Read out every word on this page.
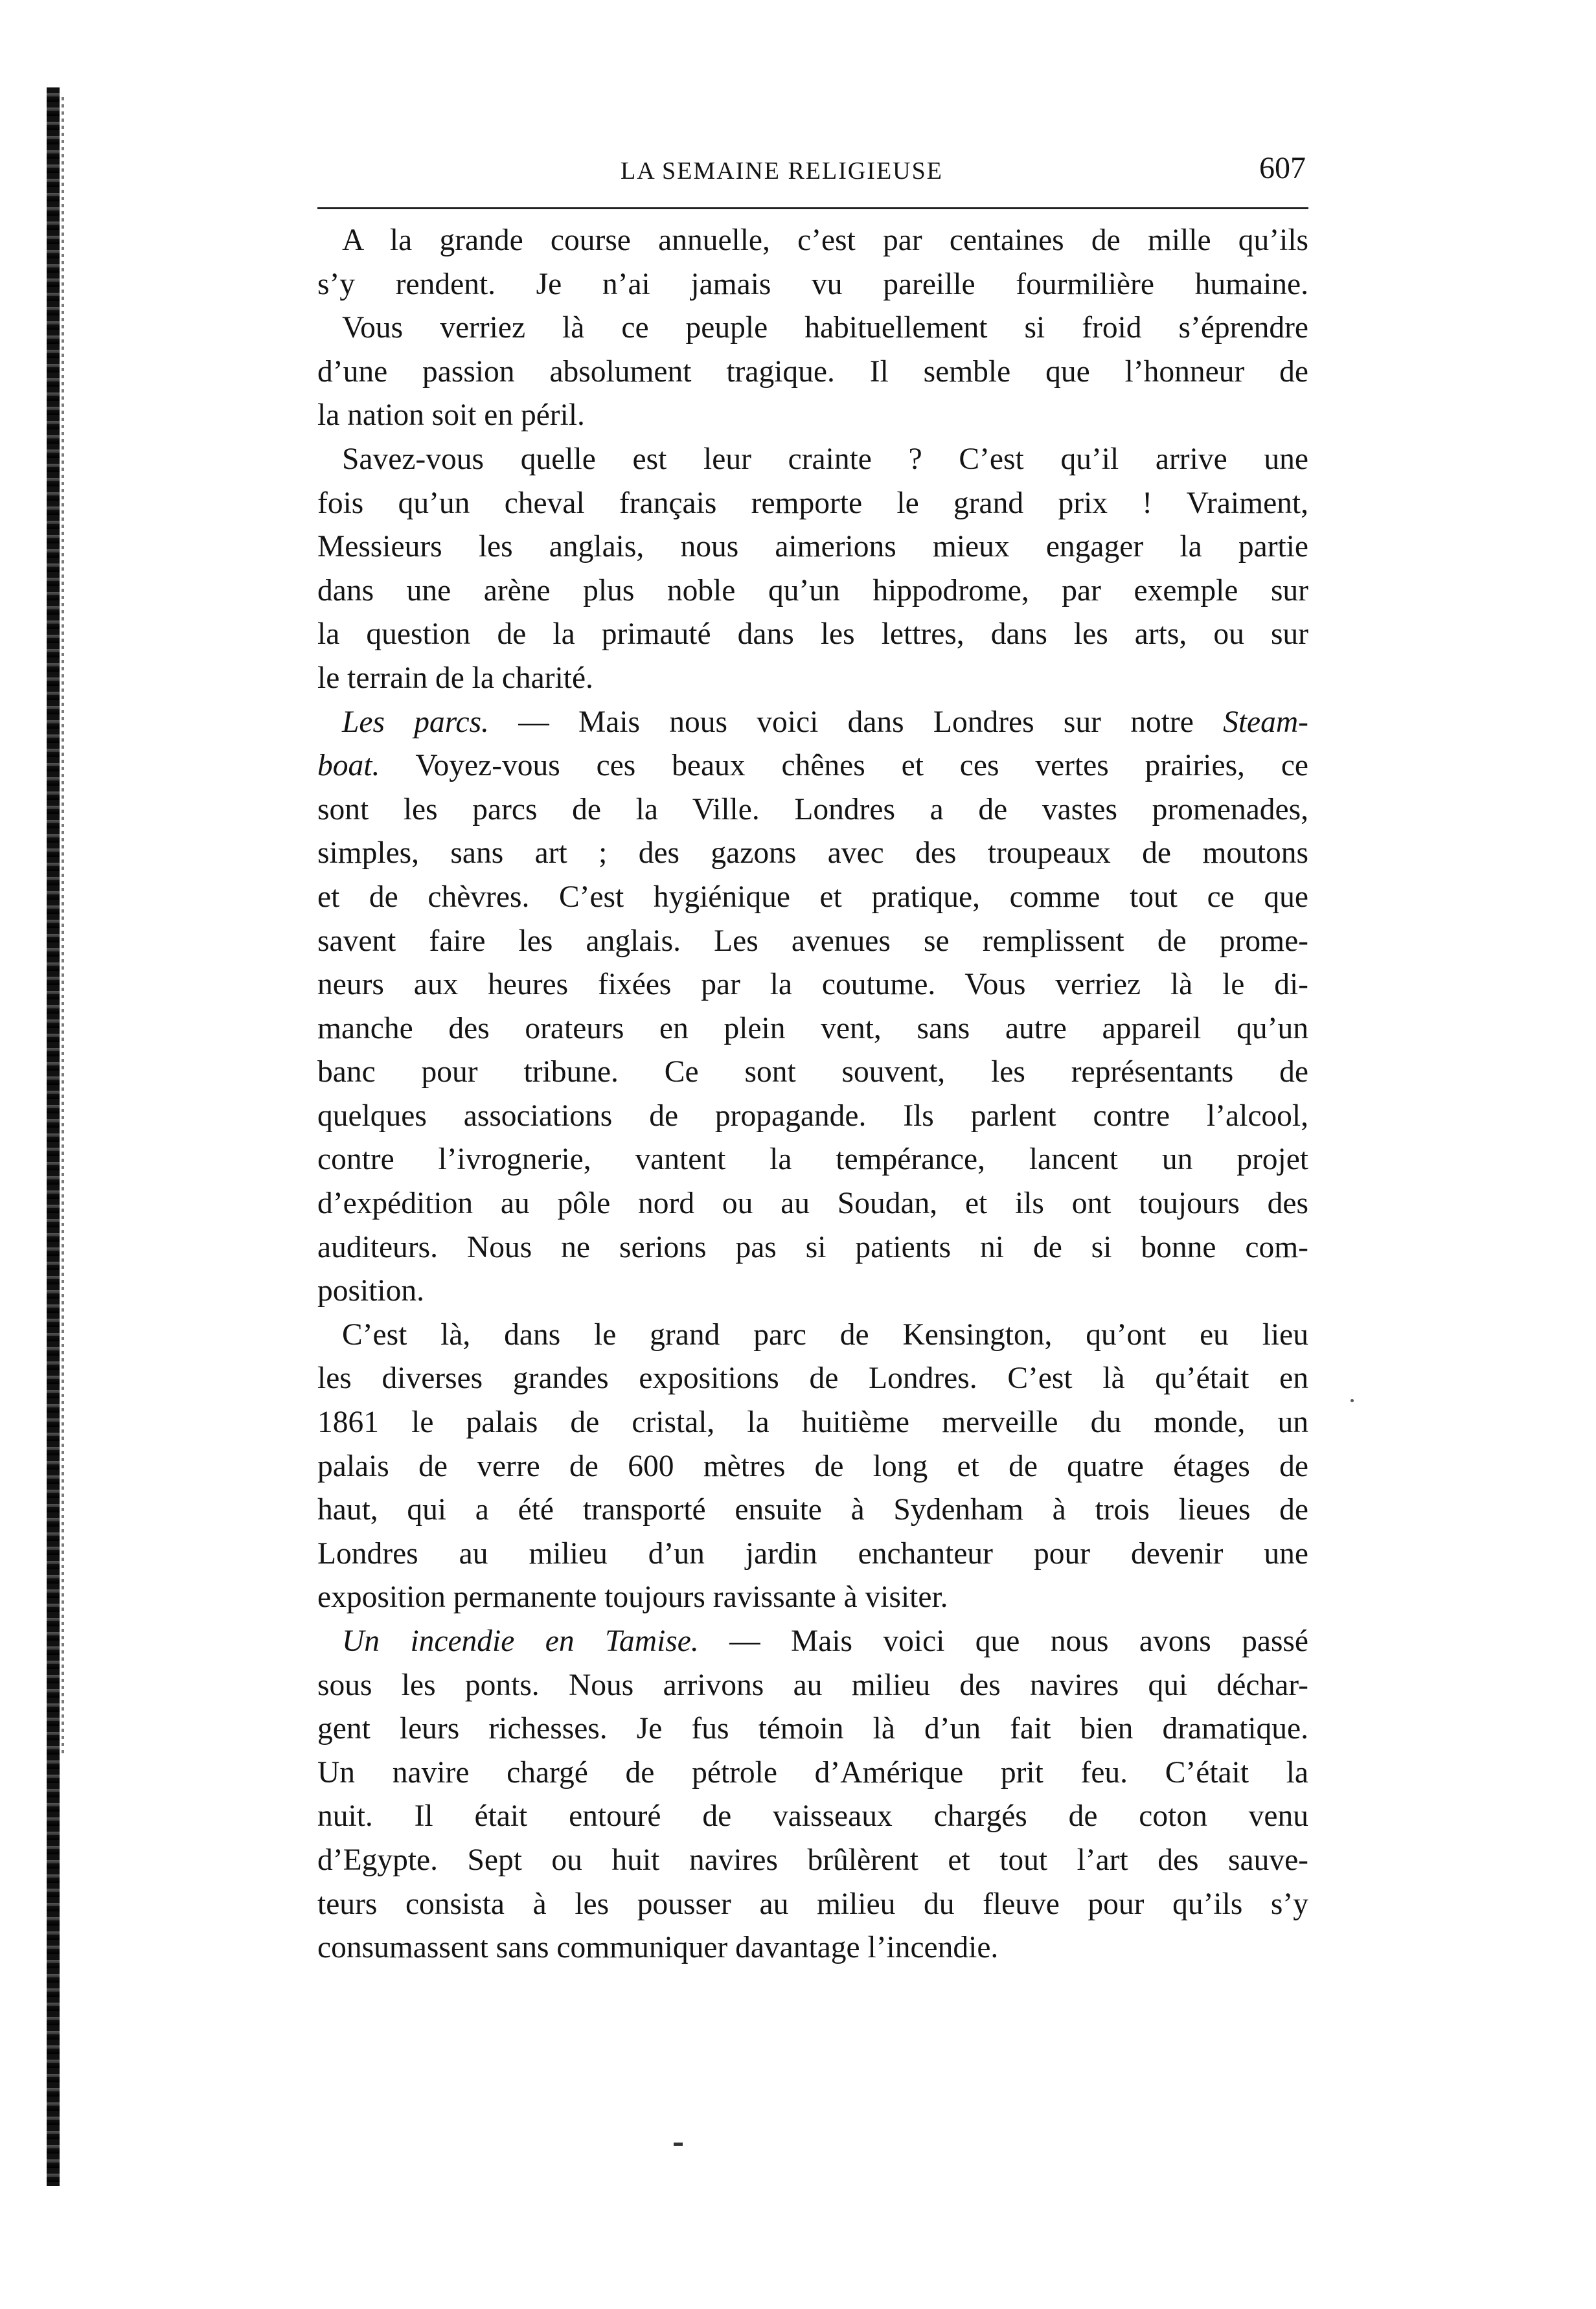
LA SEMAINE RELIGIEUSE	607
A la grande course annuelle, c’est par centaines de mille qu’ils
s’y rendent. Je n’ai jamais vu pareille fourmilière humaine.
Vous verriez là ce peuple habituellement si froid s’éprendre
d’une passion absolument tragique. Il semble que l’honneur de
la nation soit en péril.
Savez-vous quelle est leur crainte ? C’est qu’il arrive une
fois qu’un cheval français remporte le grand prix ! Vraiment,
Messieurs les anglais, nous aimerions mieux engager la partie
dans une arène plus noble qu’un hippodrome, par exemple sur
la question de la primauté dans les lettres, dans les arts, ou sur
le terrain de la charité.
Les parcs. — Mais nous voici dans Londres sur notre Steam-
boat. Voyez-vous ces beaux chênes et ces vertes prairies, ce
sont les parcs de la Ville. Londres a de vastes promenades,
simples, sans art ; des gazons avec des troupeaux de moutons
et de chèvres. C’est hygiénique et pratique, comme tout ce que
savent faire les anglais. Les avenues se remplissent de prome-
neurs aux heures fixées par la coutume. Vous verriez là le di-
manche des orateurs en plein vent, sans autre appareil qu’un
banc pour tribune. Ce sont souvent, les représentants de
quelques associations de propagande. Ils parlent contre l’alcool,
contre l’ivrognerie, vantent la tempérance, lancent un projet
d’expédition au pôle nord ou au Soudan, et ils ont toujours des
auditeurs. Nous ne serions pas si patients ni de si bonne com-
position.
C’est là, dans le grand parc de Kensington, qu’ont eu lieu
les diverses grandes expositions de Londres. C’est là qu’était en
1861 le palais de cristal, la huitième merveille du monde, un
palais de verre de 600 mètres de long et de quatre étages de
haut, qui a été transporté ensuite à Sydenham à trois lieues de
Londres au milieu d’un jardin enchanteur pour devenir une
exposition permanente toujours ravissante à visiter.
Un incendie en Tamise. — Mais voici que nous avons passé
sous les ponts. Nous arrivons au milieu des navires qui déchar-
gent leurs richesses. Je fus témoin là d’un fait bien dramatique.
Un navire chargé de pétrole d’Amérique prit feu. C’était la
nuit. Il était entouré de vaisseaux chargés de coton venu
d’Egypte. Sept ou huit navires brûlèrent et tout l’art des sauve-
teurs consista à les pousser au milieu du fleuve pour qu’ils s’y
consumassent sans communiquer davantage l’incendie.
